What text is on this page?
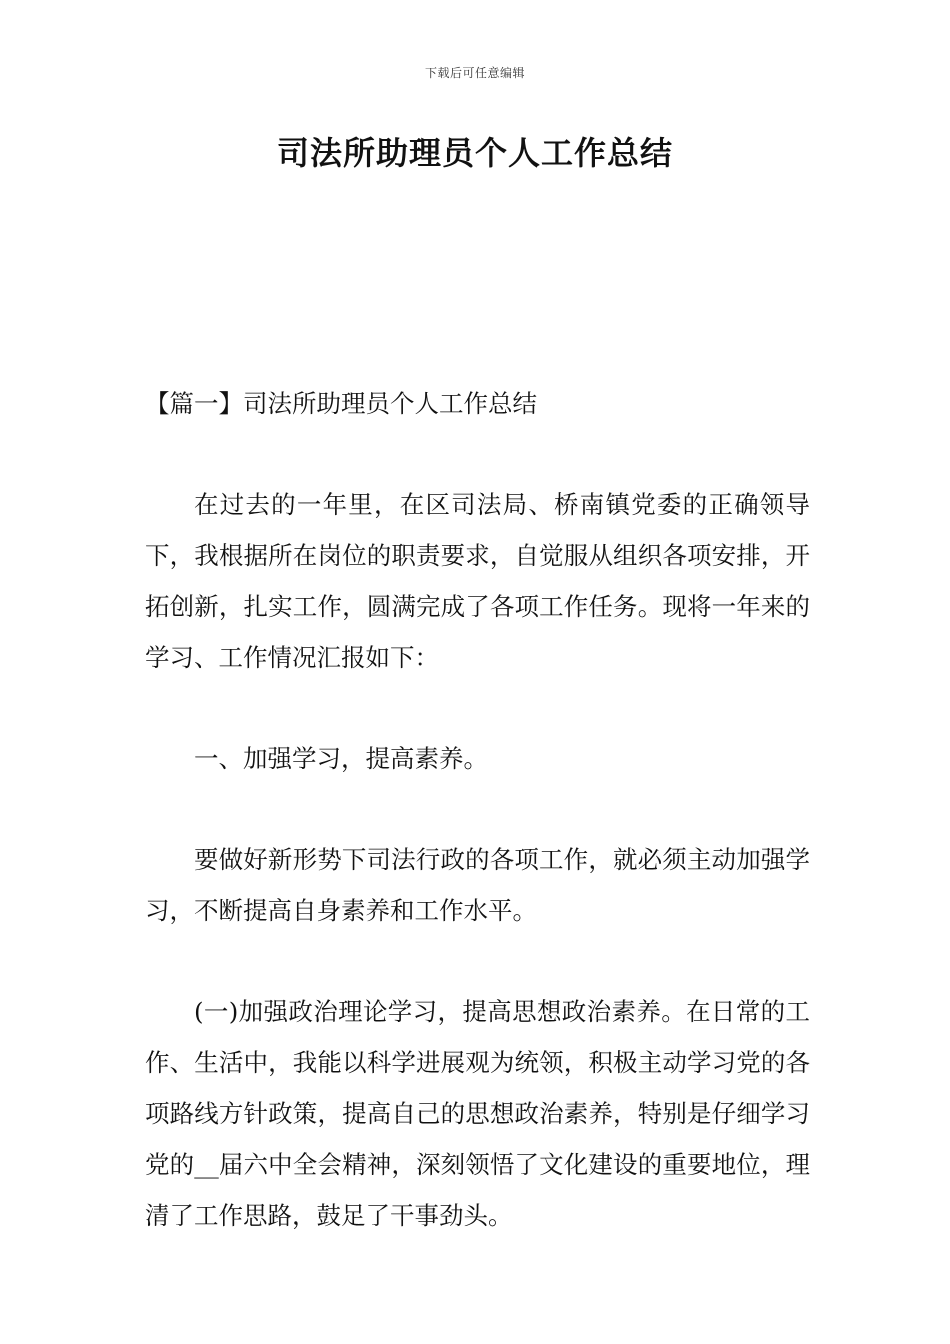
下载后可任意编辑
司法所助理员个人工作总结

【篇一】司法所助理员个人工作总结

在过去的一年里，在区司法局、桥南镇党委的正确领导下，我根据所在岗位的职责要求，自觉服从组织各项安排，开拓创新，扎实工作，圆满完成了各项工作任务。现将一年来的学习、工作情况汇报如下：

一、加强学习，提高素养。

要做好新形势下司法行政的各项工作，就必须主动加强学习，不断提高自身素养和工作水平。

(一)加强政治理论学习，提高思想政治素养。在日常的工作、生活中，我能以科学进展观为统领，积极主动学习党的各项路线方针政策，提高自己的思想政治素养，特别是仔细学习党的__届六中全会精神，深刻领悟了文化建设的重要地位，理清了工作思路，鼓足了干事劲头。
